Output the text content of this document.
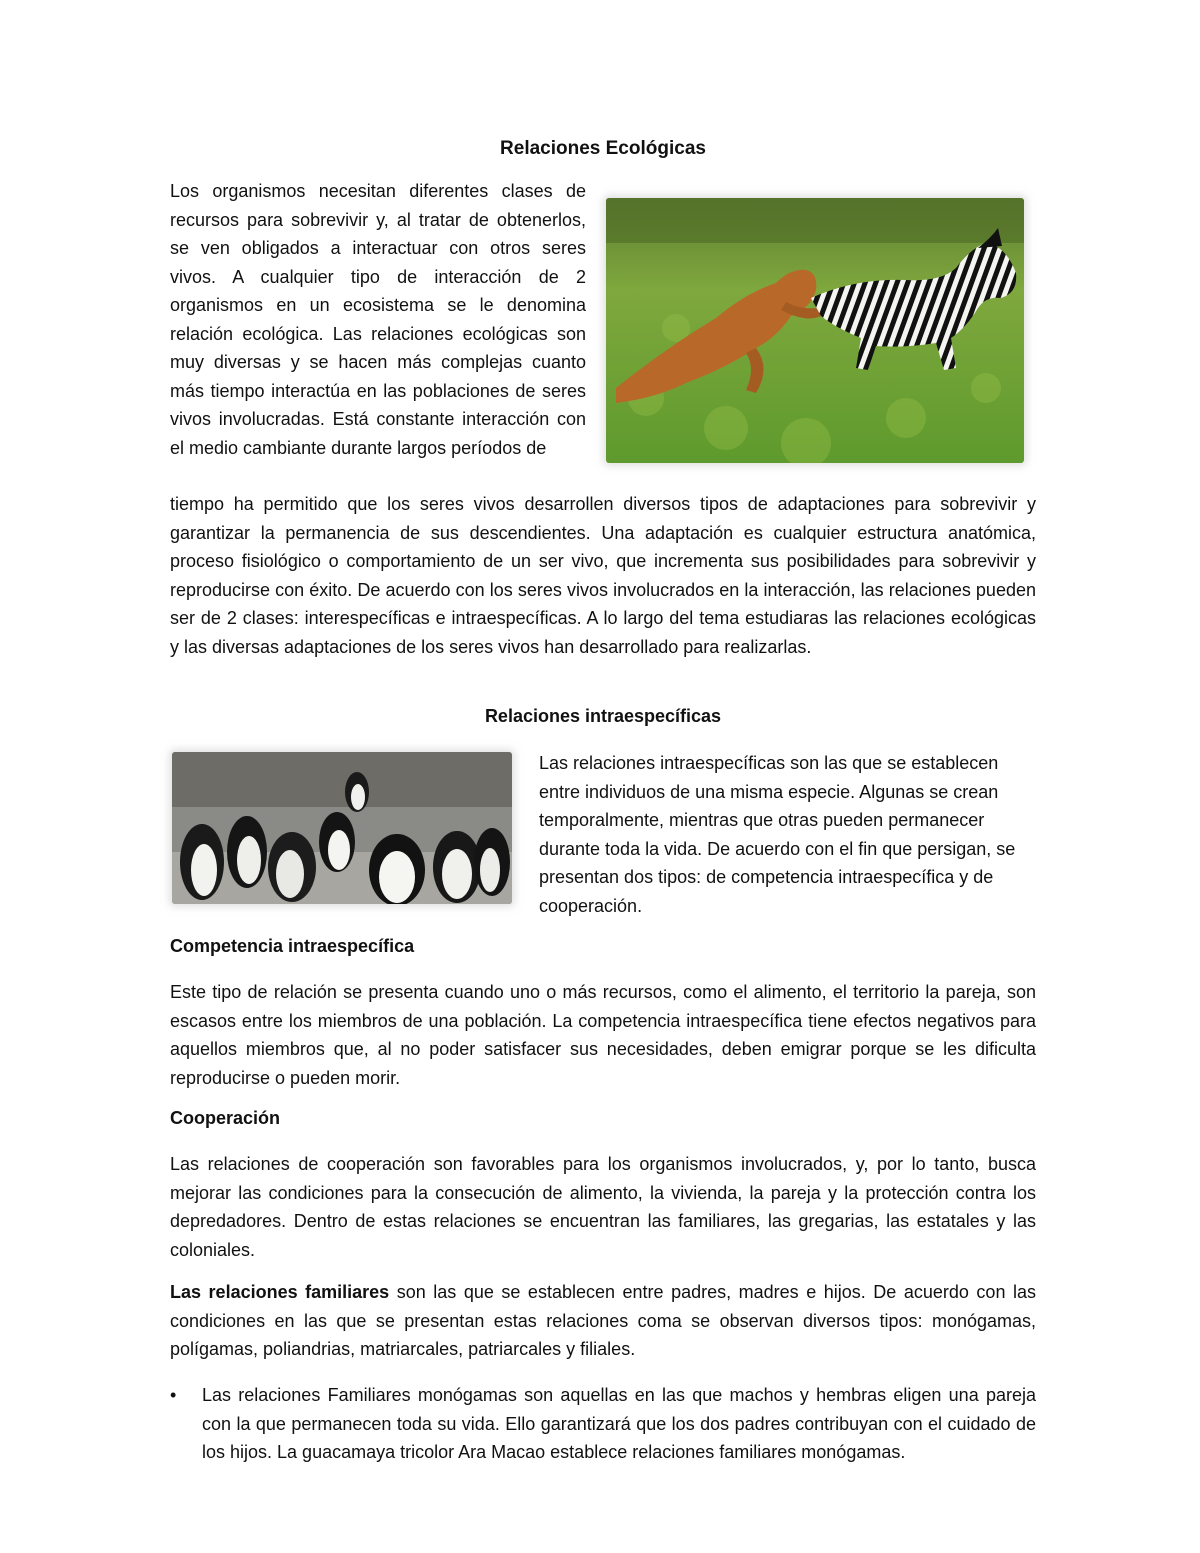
Relaciones Ecológicas

Los organismos necesitan diferentes clases de recursos para sobrevivir y, al tratar de obtenerlos, se ven obligados a interactuar con otros seres vivos. A cualquier tipo de interacción de 2 organismos en un ecosistema se le denomina relación ecológica. Las relaciones ecológicas son muy diversas y se hacen más complejas cuanto más tiempo interactúa en las poblaciones de seres vivos involucradas. Está constante interacción con el medio cambiante durante largos períodos de

tiempo ha permitido que los seres vivos desarrollen diversos tipos de adaptaciones para sobrevivir y garantizar la permanencia de sus descendientes. Una adaptación es cualquier estructura anatómica, proceso fisiológico o comportamiento de un ser vivo, que incrementa sus posibilidades para sobrevivir y reproducirse con éxito. De acuerdo con los seres vivos involucrados en la interacción, las relaciones pueden ser de 2 clases: interespecíficas e intraespecíficas. A lo largo del tema estudiaras las relaciones ecológicas y las diversas adaptaciones de los seres vivos han desarrollado para realizarlas.

Relaciones intraespecíficas

Las relaciones intraespecíficas son las que se establecen entre individuos de una misma especie. Algunas se crean temporalmente, mientras que otras pueden permanecer durante toda la vida. De acuerdo con el fin que persigan, se presentan dos tipos: de competencia intraespecífica y de cooperación.

Competencia intraespecífica

Este tipo de relación se presenta cuando uno o más recursos, como el alimento, el territorio la pareja, son escasos entre los miembros de una población. La competencia intraespecífica tiene efectos negativos para aquellos miembros que, al no poder satisfacer sus necesidades, deben emigrar porque se les dificulta reproducirse o pueden morir.

Cooperación

Las relaciones de cooperación son favorables para los organismos involucrados, y, por lo tanto, busca mejorar las condiciones para la consecución de alimento, la vivienda, la pareja y la protección contra los depredadores. Dentro de estas relaciones se encuentran las familiares, las gregarias, las estatales y las coloniales.

Las relaciones familiares son las que se establecen entre padres, madres e hijos. De acuerdo con las condiciones en las que se presentan estas relaciones coma se observan diversos tipos: monógamas, polígamas, poliandrias, matriarcales, patriarcales y filiales.

• Las relaciones Familiares monógamas son aquellas en las que machos y hembras eligen una pareja con la que permanecen toda su vida. Ello garantizará que los dos padres contribuyan con el cuidado de los hijos. La guacamaya tricolor Ara Macao establece relaciones familiares monógamas.
